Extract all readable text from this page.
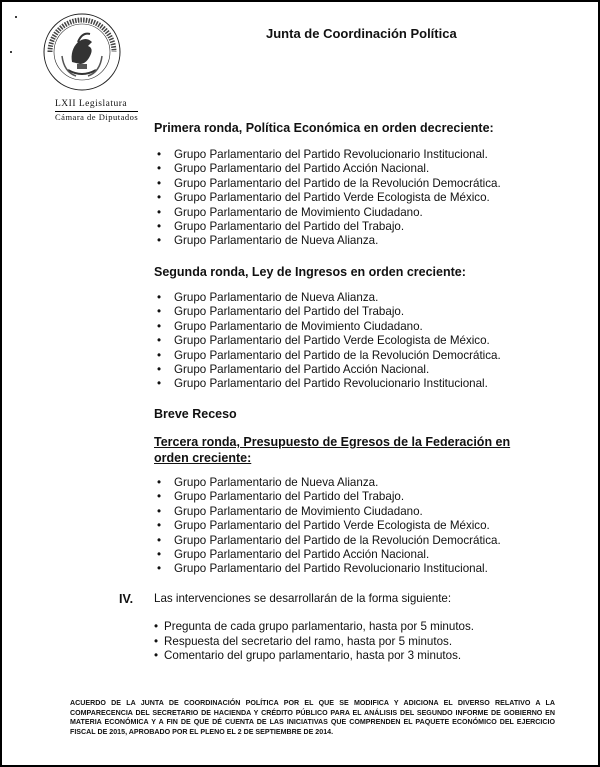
LXII Legislatura
Cámara de Diputados
Junta de Coordinación Política
Primera ronda, Política Económica en orden decreciente:
• Grupo Parlamentario del Partido Revolucionario Institucional.
• Grupo Parlamentario del Partido Acción Nacional.
• Grupo Parlamentario del Partido de la Revolución Democrática.
• Grupo Parlamentario del Partido Verde Ecologista de México.
• Grupo Parlamentario de Movimiento Ciudadano.
• Grupo Parlamentario del Partido del Trabajo.
• Grupo Parlamentario de Nueva Alianza.
Segunda ronda, Ley de Ingresos en orden creciente:
• Grupo Parlamentario de Nueva Alianza.
• Grupo Parlamentario del Partido del Trabajo.
• Grupo Parlamentario de Movimiento Ciudadano.
• Grupo Parlamentario del Partido Verde Ecologista de México.
• Grupo Parlamentario del Partido de la Revolución Democrática.
• Grupo Parlamentario del Partido Acción Nacional.
• Grupo Parlamentario del Partido Revolucionario Institucional.
Breve Receso
Tercera ronda, Presupuesto de Egresos de la Federación en orden creciente:
• Grupo Parlamentario de Nueva Alianza.
• Grupo Parlamentario del Partido del Trabajo.
• Grupo Parlamentario de Movimiento Ciudadano.
• Grupo Parlamentario del Partido Verde Ecologista de México.
• Grupo Parlamentario del Partido de la Revolución Democrática.
• Grupo Parlamentario del Partido Acción Nacional.
• Grupo Parlamentario del Partido Revolucionario Institucional.
IV. Las intervenciones se desarrollarán de la forma siguiente:
• Pregunta de cada grupo parlamentario, hasta por 5 minutos.
• Respuesta del secretario del ramo, hasta por 5 minutos.
• Comentario del grupo parlamentario, hasta por 3 minutos.
ACUERDO DE LA JUNTA DE COORDINACIÓN POLÍTICA POR EL QUE SE MODIFICA Y ADICIONA EL DIVERSO RELATIVO A LA COMPARECENCIA DEL SECRETARIO DE HACIENDA Y CRÉDITO PÚBLICO PARA EL ANÁLISIS DEL SEGUNDO INFORME DE GOBIERNO EN MATERIA ECONÓMICA Y A FIN DE QUE DÉ CUENTA DE LAS INICIATIVAS QUE COMPRENDEN EL PAQUETE ECONÓMICO DEL EJERCICIO FISCAL DE 2015, APROBADO POR EL PLENO EL 2 DE SEPTIEMBRE DE 2014.
